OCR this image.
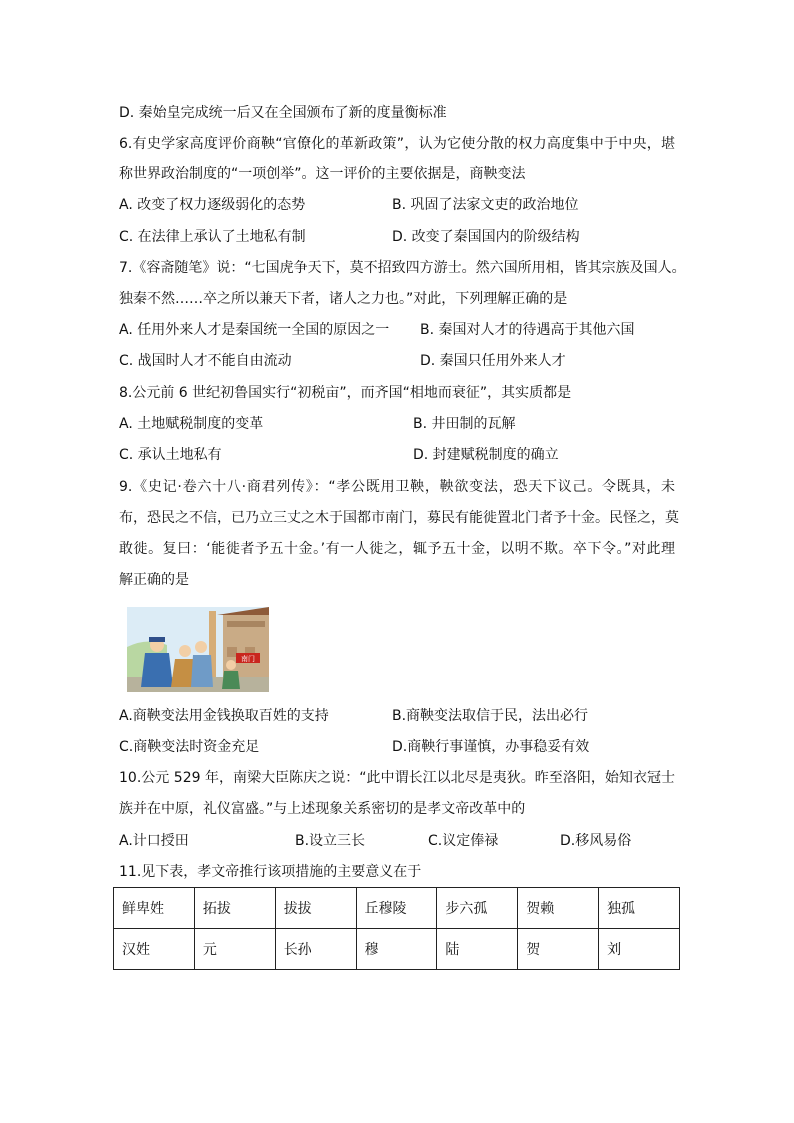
D. 秦始皇完成统一后又在全国颁布了新的度量衡标准
6.有史学家高度评价商鞅“官僚化的革新政策”，认为它使分散的权力高度集中于中央，堪
称世界政治制度的“一项创举”。这一评价的主要依据是，商鞅变法
A. 改变了权力逐级弱化的态势	B. 巩固了法家文吏的政治地位
C. 在法律上承认了土地私有制	D. 改变了秦国国内的阶级结构
7.《容斋随笔》说：“七国虎争天下，莫不招致四方游士。然六国所用相，皆其宗族及国人。
独秦不然……卒之所以兼天下者，诸人之力也。”对此，下列理解正确的是
A. 任用外来人才是秦国统一全国的原因之一 B. 秦国对人才的待遇高于其他六国
C. 战国时人才不能自由流动	D. 秦国只任用外来人才
8.公元前 6 世纪初鲁国实行“初税亩”，而齐国“相地而衰征”，其实质都是
A. 土地赋税制度的变革	B. 井田制的瓦解
C. 承认土地私有	D. 封建赋税制度的确立
9.《史记·卷六十八·商君列传》：“孝公既用卫鞅，鞅欲变法，恐天下议己。令既具，未
布，恐民之不信，已乃立三丈之木于国都市南门，募民有能徙置北门者予十金。民怪之，莫
敢徙。复曰：‘能徙者予五十金。’有一人徙之，辄予五十金，以明不欺。卒下令。”对此理
解正确的是
南门
A.商鞅变法用金钱换取百姓的支持	B.商鞅变法取信于民，法出必行
C.商鞅变法时资金充足	D.商鞅行事谨慎，办事稳妥有效
10.公元 529 年，南梁大臣陈庆之说：“此中谓长江以北尽是夷狄。昨至洛阳，始知衣冠士
族并在中原，礼仪富盛。”与上述现象关系密切的是孝文帝改革中的
A.计口授田	B.设立三长	C.议定俸禄	D.移风易俗
11.见下表，孝文帝推行该项措施的主要意义在于
鲜卑姓	拓拔	拔拔	丘穆陵	步六孤	贺赖	独孤
汉姓	元	长孙	穆	陆	贺	刘
